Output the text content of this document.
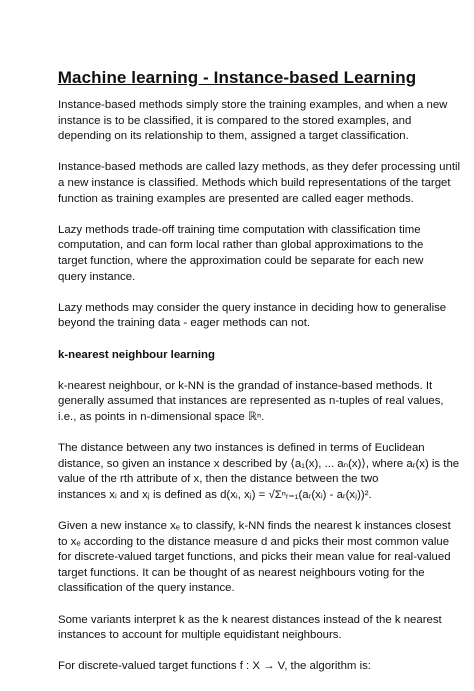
Machine learning - Instance-based Learning

Instance-based methods simply store the training examples, and when a new
instance is to be classified, it is compared to the stored examples, and
depending on its relationship to them, assigned a target classification.

Instance-based methods are called lazy methods, as they defer processing until
a new instance is classified. Methods which build representations of the target
function as training examples are presented are called eager methods.

Lazy methods trade-off training time computation with classification time
computation, and can form local rather than global approximations to the
target function, where the approximation could be separate for each new
query instance.

Lazy methods may consider the query instance in deciding how to generalise
beyond the training data - eager methods can not.

k-nearest neighbour learning

k-nearest neighbour, or k-NN is the grandad of instance-based methods. It
generally assumed that instances are represented as n-tuples of real values,
i.e., as points in n-dimensional space ℝⁿ.

The distance between any two instances is defined in terms of Euclidean
distance, so given an instance x described by ⟨a₁(x), ... aₙ(x)⟩, where aᵣ(x) is the
value of the rth attribute of x, then the distance between the two
instances xᵢ and xⱼ is defined as d(xᵢ, xⱼ) = √Σⁿᵣ₌₁(aᵣ(xᵢ) - aᵣ(xⱼ))².

Given a new instance xₑ to classify, k-NN finds the nearest k instances closest
to xₑ according to the distance measure d and picks their most common value
for discrete-valued target functions, and picks their mean value for real-valued
target functions. It can be thought of as nearest neighbours voting for the
classification of the query instance.

Some variants interpret k as the k nearest distances instead of the k nearest
instances to account for multiple equidistant neighbours.

For discrete-valued target functions f : X → V, the algorithm is:
